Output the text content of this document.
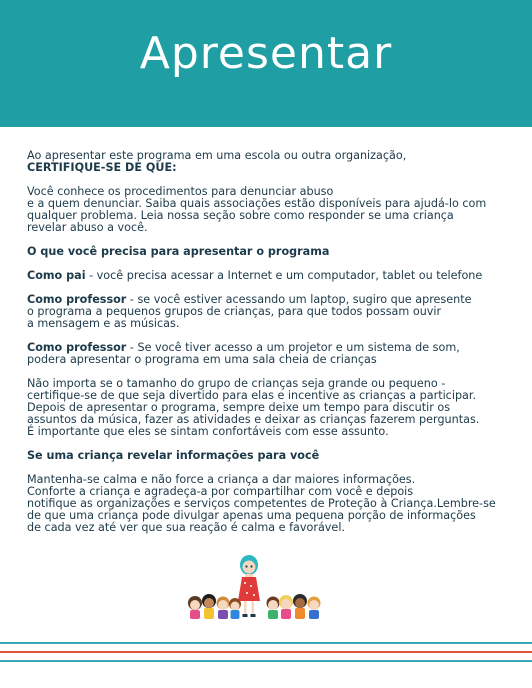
Apresentar

Ao apresentar este programa em uma escola ou outra organização,

CERTIFIQUE-SE DE QUE:

Você conhece os procedimentos para denunciar abuso
e a quem denunciar. Saiba quais associações estão disponíveis para ajudá-lo com
qualquer problema. Leia nossa seção sobre como responder se uma criança
revelar abuso a você.

O que você precisa para apresentar o programa

Como pai - você precisa acessar a Internet e um computador, tablet ou telefone

Como professor - se você estiver acessando um laptop, sugiro que apresente
o programa a pequenos grupos de crianças, para que todos possam ouvir
a mensagem e as músicas.

Como professor - Se você tiver acesso a um projetor e um sistema de som,
podera apresentar o programa em uma sala cheia de crianças

Não importa se o tamanho do grupo de crianças seja grande ou pequeno -
certifique-se de que seja divertido para elas e incentive as crianças a participar.
Depois de apresentar o programa, sempre deixe um tempo para discutir os
assuntos da música, fazer as atividades e deixar as crianças fazerem perguntas.
É importante que eles se sintam confortáveis com esse assunto.

Se uma criança revelar informações para você

Mantenha-se calma e não force a criança a dar maiores informações.
Conforte a criança e agradeça-a por compartilhar com você e depois
notifique as organizações e serviços competentes de Proteção à Criança.Lembre-se
de que uma criança pode divulgar apenas uma pequena porção de informações
de cada vez até ver que sua reação é calma e favorável.
